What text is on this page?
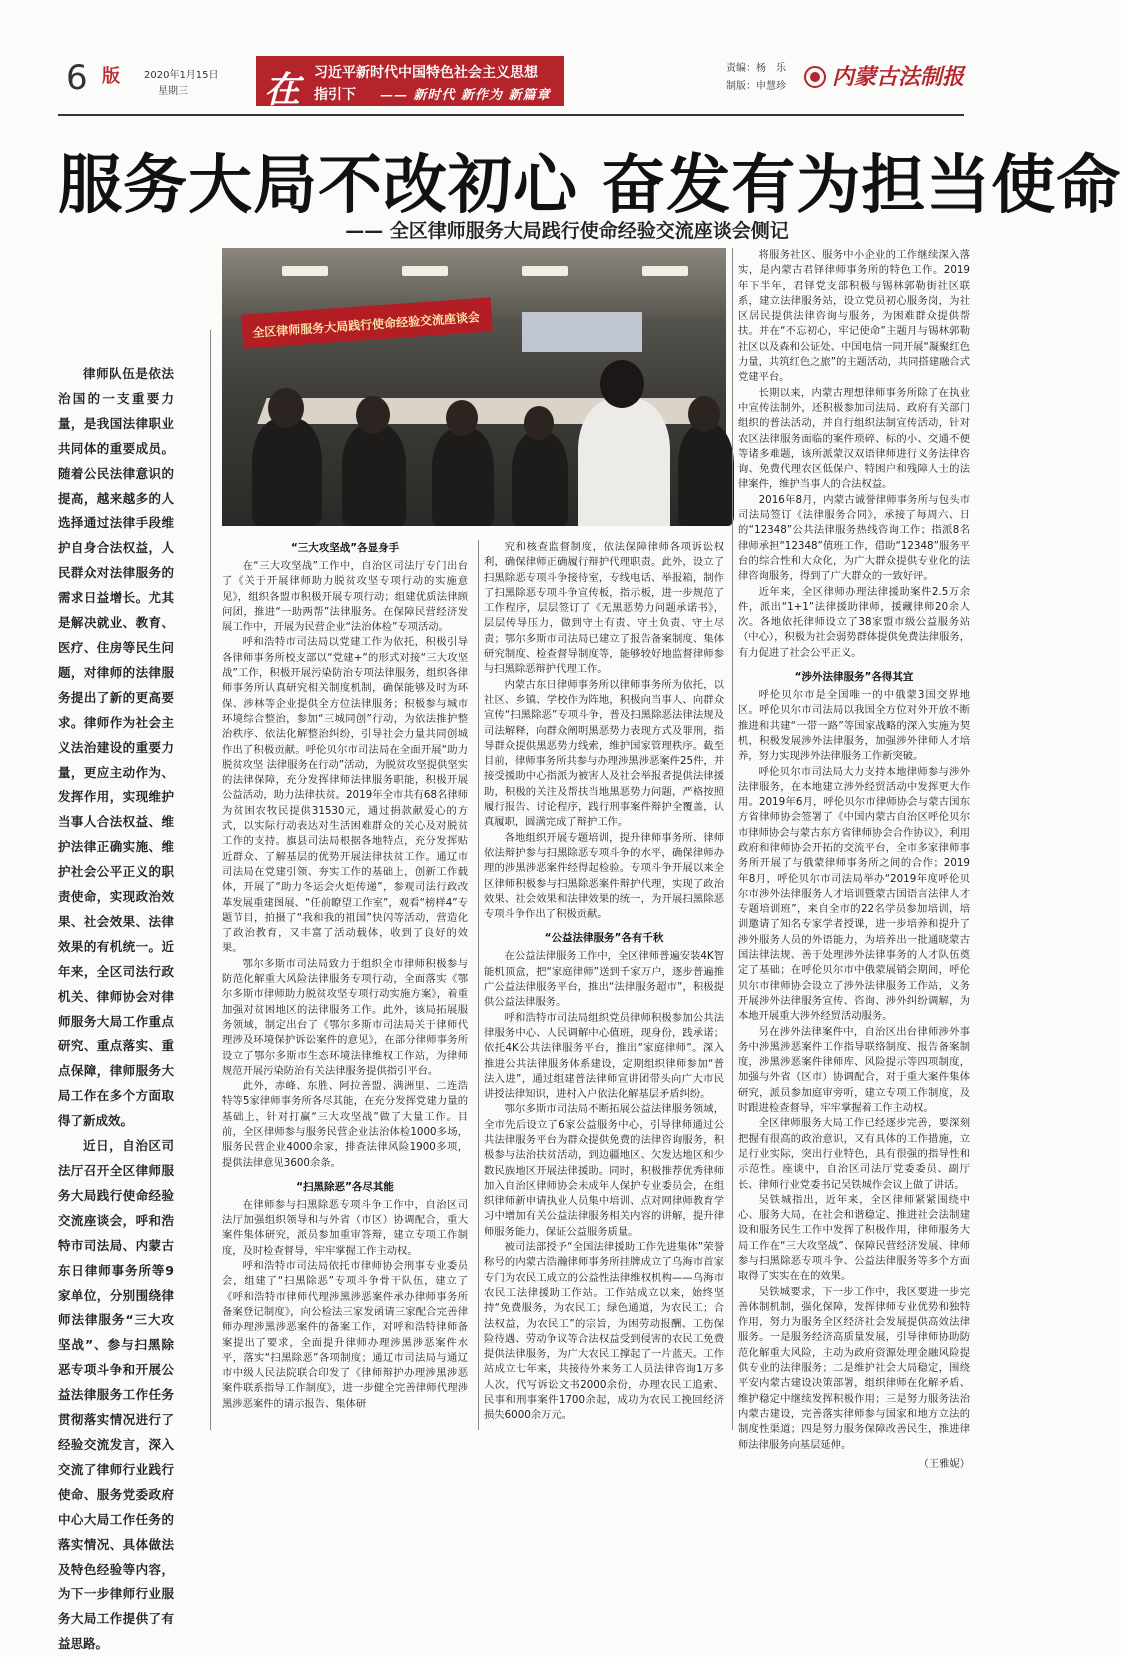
6 版 2020年1月15日
星期三	在 习近平新时代中国特色社会主义思想
指引下 —— 新时代 新作为 新篇章
责编：杨　乐
制版：申慧珍	内蒙古法制报
服务大局不改初心 奋发有为担当使命
—— 全区律师服务大局践行使命经验交流座谈会侧记
全区律师服务大局践行使命经验交流座谈会

律师队伍是依法治国的一支重要力量，是我国法律职业共同体的重要成员。随着公民法律意识的提高，越来越多的人选择通过法律手段维护自身合法权益，人民群众对法律服务的需求日益增长。尤其是解决就业、教育、医疗、住房等民生问题，对律师的法律服务提出了新的更高要求。律师作为社会主义法治建设的重要力量，更应主动作为、发挥作用，实现维护当事人合法权益、维护法律正确实施、维护社会公平正义的职责使命，实现政治效果、社会效果、法律效果的有机统一。近年来，全区司法行政机关、律师协会对律师服务大局工作重点研究、重点落实、重点保障，律师服务大局工作在多个方面取得了新成效。

近日，自治区司法厅召开全区律师服务大局践行使命经验交流座谈会，呼和浩特市司法局、内蒙古东日律师事务所等9家单位，分别围绕律师法律服务“三大攻坚战”、参与扫黑除恶专项斗争和开展公益法律服务工作任务贯彻落实情况进行了经验交流发言，深入交流了律师行业践行使命、服务党委政府中心大局工作任务的落实情况、具体做法及特色经验等内容，为下一步律师行业服务大局工作提供了有益思路。

“三大攻坚战”各显身手

在“三大攻坚战”工作中，自治区司法厅专门出台了《关于开展律师助力脱贫攻坚专项行动的实施意见》，组织各盟市积极开展专项行动；组建优质法律顾问团，推进“一助两帮”法律服务。在保障民营经济发展工作中，开展为民营企业“法治体检”专项活动。

呼和浩特市司法局以党建工作为依托，积极引导各律师事务所校支部以“党建+”的形式对接“三大攻坚战”工作，积极开展污染防治专项法律服务，组织各律师事务所认真研究相关制度机制，确保能够及时为环保、涉林等企业提供全方位法律服务；积极参与城市环境综合整治，参加“三城同创”行动，为依法推护整治秩序、依法化解整治纠纷，引导社会力量共同创城作出了积极贡献。呼伦贝尔市司法局在全面开展“助力脱贫攻坚 法律服务在行动”活动，为脱贫攻坚提供坚实的法律保障，充分发挥律师法律服务职能，积极开展公益活动，助力法律扶贫。2019年全市共有68名律师为贫困农牧民提供31530元，通过捐款献爱心的方式，以实际行动表达对生活困难群众的关心及对脱贫工作的支持。旗县司法局根据各地特点，充分发挥贴近群众、了解基层的优势开展法律扶贫工作。通辽市司法局在党建引领、夯实工作的基础上，创新工作载体，开展了“助力冬运会火炬传递”，参观司法行政改革发展重建图展、“任前瞭望工作室”，观看“榜样4”专题节目，拍摄了“我和我的祖国”快闪等活动，营造化了政治教育，又丰富了活动载体，收到了良好的效果。

鄂尔多斯市司法局致力于组织全市律师积极参与防范化解重大风险法律服务专项行动，全面落实《鄂尔多斯市律师助力脱贫攻坚专项行动实施方案》，着重加强对贫困地区的法律服务工作。此外，该局拓展服务领域，制定出台了《鄂尔多斯市司法局关于律师代理涉及环境保护诉讼案件的意见》，在部分律师事务所设立了鄂尔多斯市生态环境法律维权工作站，为律师规范开展污染防治有关法律服务提供指引平台。

此外，赤峰、东胜、阿拉善盟、满洲里、二连浩特等5家律师事务所各尽其能，在充分发挥党建力量的基础上，针对打赢“三大攻坚战”做了大量工作。目前，全区律师参与服务民营企业法治体检1000多场，服务民营企业4000余家，排查法律风险1900多项，提供法律意见3600余条。

“扫黑除恶”各尽其能

在律师参与扫黑除恶专项斗争工作中，自治区司法厅加强组织领导和与外省（市区）协调配合，重大案件集体研究，派员参加重审答辩，建立专项工作制度，及时检查督导，牢牢掌握工作主动权。

呼和浩特市司法局依托市律师协会刑事专业委员会，组建了“扫黑除恶”专项斗争骨干队伍，建立了《呼和浩特市律师代理涉黑涉恶案件承办律师事务所备案登记制度》，向公检法三家发函请三家配合完善律师办理涉黑涉恶案件的备案工作，对呼和浩特律师备案提出了要求，全面提升律师办理涉黑涉恶案件水平，落实“扫黑除恶”各项制度；通辽市司法局与通辽市中级人民法院联合印发了《律师辩护办理涉黑涉恶案件联系指导工作制度》，进一步健全完善律师代理涉黑涉恶案件的请示报告、集体研

究和核查监督制度，依法保障律师各项诉讼权利，确保律师正确履行辩护代理职责。此外，设立了扫黑除恶专项斗争接待室，专线电话、举报箱，制作了扫黑除恶专项斗争宣传板，指示板，进一步规范了工作程序，层层签订了《无黑恶势力问题承诺书》，层层传导压力，做到守土有责、守土负责、守土尽责；鄂尔多斯市司法局已建立了报告备案制度、集体研究制度、检查督导制度等，能够较好地监督律师参与扫黑除恶辩护代理工作。

内蒙古东日律师事务所以律师事务所为依托，以社区、乡镇、学校作为阵地，积极向当事人、向群众宣传“扫黑除恶”专项斗争，普及扫黑除恶法律法规及司法解释，向群众阐明黑恶势力表现方式及罪刑，指导群众提供黑恶势力线索，维护国家管理秩序。截至目前，律师事务所共参与办理涉黑涉恶案件25件，并接受援助中心指派为被害人及社会举报者提供法律援助，积极的关注及帮扶当地黑恶势力问题，严格按照履行报告、讨论程序，践行刑事案件辩护全覆盖，认真履职，圆满完成了辩护工作。

各地组织开展专题培训，提升律师事务所、律师依法辩护参与扫黑除恶专项斗争的水平，确保律师办理的涉黑涉恶案件经得起检验。专项斗争开展以来全区律师积极参与扫黑除恶案件辩护代理，实现了政治效果、社会效果和法律效果的统一，为开展扫黑除恶专项斗争作出了积极贡献。

“公益法律服务”各有千秋

在公益法律服务工作中，全区律师普遍安装4K智能机顶盒，把“家庭律师”送到千家万户，逐步普遍推广公益法律服务平台，推出“法律服务超市”，积极提供公益法律服务。

呼和浩特市司法局组织党员律师积极参加公共法律服务中心、人民调解中心值班，现身份，践承诺；依托4K公共法律服务平台，推出“家庭律师”。深入推进公共法律服务体系建设，定期组织律师参加“普法入进”，通过组建普法律师宣讲团带头向广大市民讲授法律知识，进村入户依法化解基层矛盾纠纷。

鄂尔多斯市司法局不断拓展公益法律服务领域，全市先后设立了6家公益服务中心，引导律师通过公共法律服务平台为群众提供免费的法律咨询服务，积极参与法治扶贫活动，到边疆地区、欠发达地区和少数民族地区开展法律援助。同时，积极推荐优秀律师加入自治区律师协会未成年人保护专业委员会，在组织律师新申请执业人员集中培训、点对网律师教育学习中增加有关公益法律服务相关内容的讲解，提升律师服务能力，保证公益服务质量。

被司法部授予“全国法律援助工作先进集体”荣誉称号的内蒙古浩瀚律师事务所挂牌成立了乌海市首家专门为农民工成立的公益性法律维权机构——乌海市农民工法律援助工作站。工作站成立以来，始终坚持“免费服务，为农民工；绿色通道，为农民工；合法权益，为农民工”的宗旨，为困劳动报酬、工伤保险待遇、劳动争议等合法权益受到侵害的农民工免费提供法律服务，为广大农民工撑起了一片蓝天。工作站成立七年来，共接待外来务工人员法律咨询1万多人次，代写诉讼文书2000余份，办理农民工追索、民事和刑事案件1700余起，成功为农民工挽回经济损失6000余万元。

将服务社区、服务中小企业的工作继续深入落实，是内蒙古君铎律师事务所的特色工作。2019年下半年，君铎党支部积极与锡林郭勒街社区联系，建立法律服务站，设立党员初心服务岗，为社区居民提供法律咨询与服务，为困难群众提供帮扶。并在“不忘初心，牢记使命”主题月与锡林郭勒社区以及森和公证处、中国电信一同开展“凝聚红色力量，共筑红色之旅”的主题活动，共同搭建融合式党建平台。

长期以来，内蒙古理想律师事务所除了在执业中宣传法制外，还积极参加司法局、政府有关部门组织的普法活动，并自行组织法制宣传活动，针对农区法律服务面临的案件琐碎、标的小、交通不便等诸多难题，该所派蒙汉双语律师进行义务法律咨询、免费代理农区低保户、特困户和残障人士的法律案件，维护当事人的合法权益。

2016年8月，内蒙古诚誉律师事务所与包头市司法局签订《法律服务合同》，承接了每周六、日的“12348”公共法律服务热线咨询工作；指派8名律师承担“12348”值班工作，借助“12348”服务平台的综合性和大众化，为广大群众提供专业化的法律咨询服务，得到了广大群众的一致好评。

近年来，全区律师办理法律援助案件2.5万余件，派出“1+1”法律援助律师，援藏律师20余人次。各地依托律师设立了38家盟市级公益服务站（中心），积极为社会弱势群体提供免费法律服务，有力促进了社会公平正义。

“涉外法律服务”各得其宜

呼伦贝尔市是全国唯一的中俄蒙3国交界地区。呼伦贝尔市司法局以我国全方位对外开放不断推进和共建“一带一路”等国家战略的深入实施为契机，积极发展涉外法律服务，加强涉外律师人才培养，努力实现涉外法律服务工作新突破。

呼伦贝尔市司法局大力支持本地律师参与涉外法律服务，在本地建立涉外经贸活动中发挥更大作用。2019年6月，呼伦贝尔市律师协会与蒙古国东方省律师协会签署了《中国内蒙古自治区呼伦贝尔市律师协会与蒙古东方省律师协会合作协议》，利用政府和律师协会开拓的交流平台，全市多家律师事务所开展了与俄蒙律师事务所之间的合作；2019年8月，呼伦贝尔市司法局举办“2019年度呼伦贝尔市涉外法律服务人才培训暨蒙古国语言法律人才专题培训班”，来自全市的22名学员参加培训，培训邀请了知名专家学者授课，进一步培养和提升了涉外服务人员的外语能力，为培养出一批通晓蒙古国法律法规、善于处理涉外法律事务的人才队伍奠定了基础；在呼伦贝尔市中俄蒙展销会期间，呼伦贝尔市律师协会设立了涉外法律服务工作站，义务开展涉外法律服务宣传、咨询、涉外纠纷调解，为本地开展重大涉外经贸活动服务。

另在涉外法律案件中，自治区出台律师涉外事务中涉黑涉恶案件工作指导联络制度、报告备案制度，涉黑涉恶案件律师库、风险提示等四项制度，加强与外省（区市）协调配合，对于重大案件集体研究，派员参加庭审旁听，建立专项工作制度，及时跟进检查督导，牢牢掌握着工作主动权。

全区律师服务大局工作已经逐步完善，要深刻把握有很高的政治意识，又有具体的工作措施，立足行业实际，突出行业特色，具有很强的指导性和示范性。座谈中，自治区司法厅党委委员、副厅长、律师行业党委书记吴铁城作会议上做了讲话。

吴铁城指出，近年来，全区律师紧紧围绕中心、服务大局，在社会和谐稳定、推进社会法制建设和服务民生工作中发挥了积极作用，律师服务大局工作在“三大攻坚战”、保障民营经济发展、律师参与扫黑除恶专项斗争、公益法律服务等多个方面取得了实实在在的效果。

吴铁城要求，下一步工作中，我区要进一步完善体制机制，强化保障，发挥律师专业优势和独特作用，努力为服务全区经济社会发展提供高效法律服务。一是服务经济高质量发展，引导律师协助防范化解重大风险，主动为政府资源处理金融风险提供专业的法律服务；二是维护社会大局稳定，围绕平安内蒙古建设决策部署，组织律师在化解矛盾、维护稳定中继续发挥积极作用；三是努力服务法治内蒙古建设，完善落实律师参与国家和地方立法的制度性渠道；四是努力服务保障改善民生，推进律师法律服务向基层延伸。

（王雅妮）
